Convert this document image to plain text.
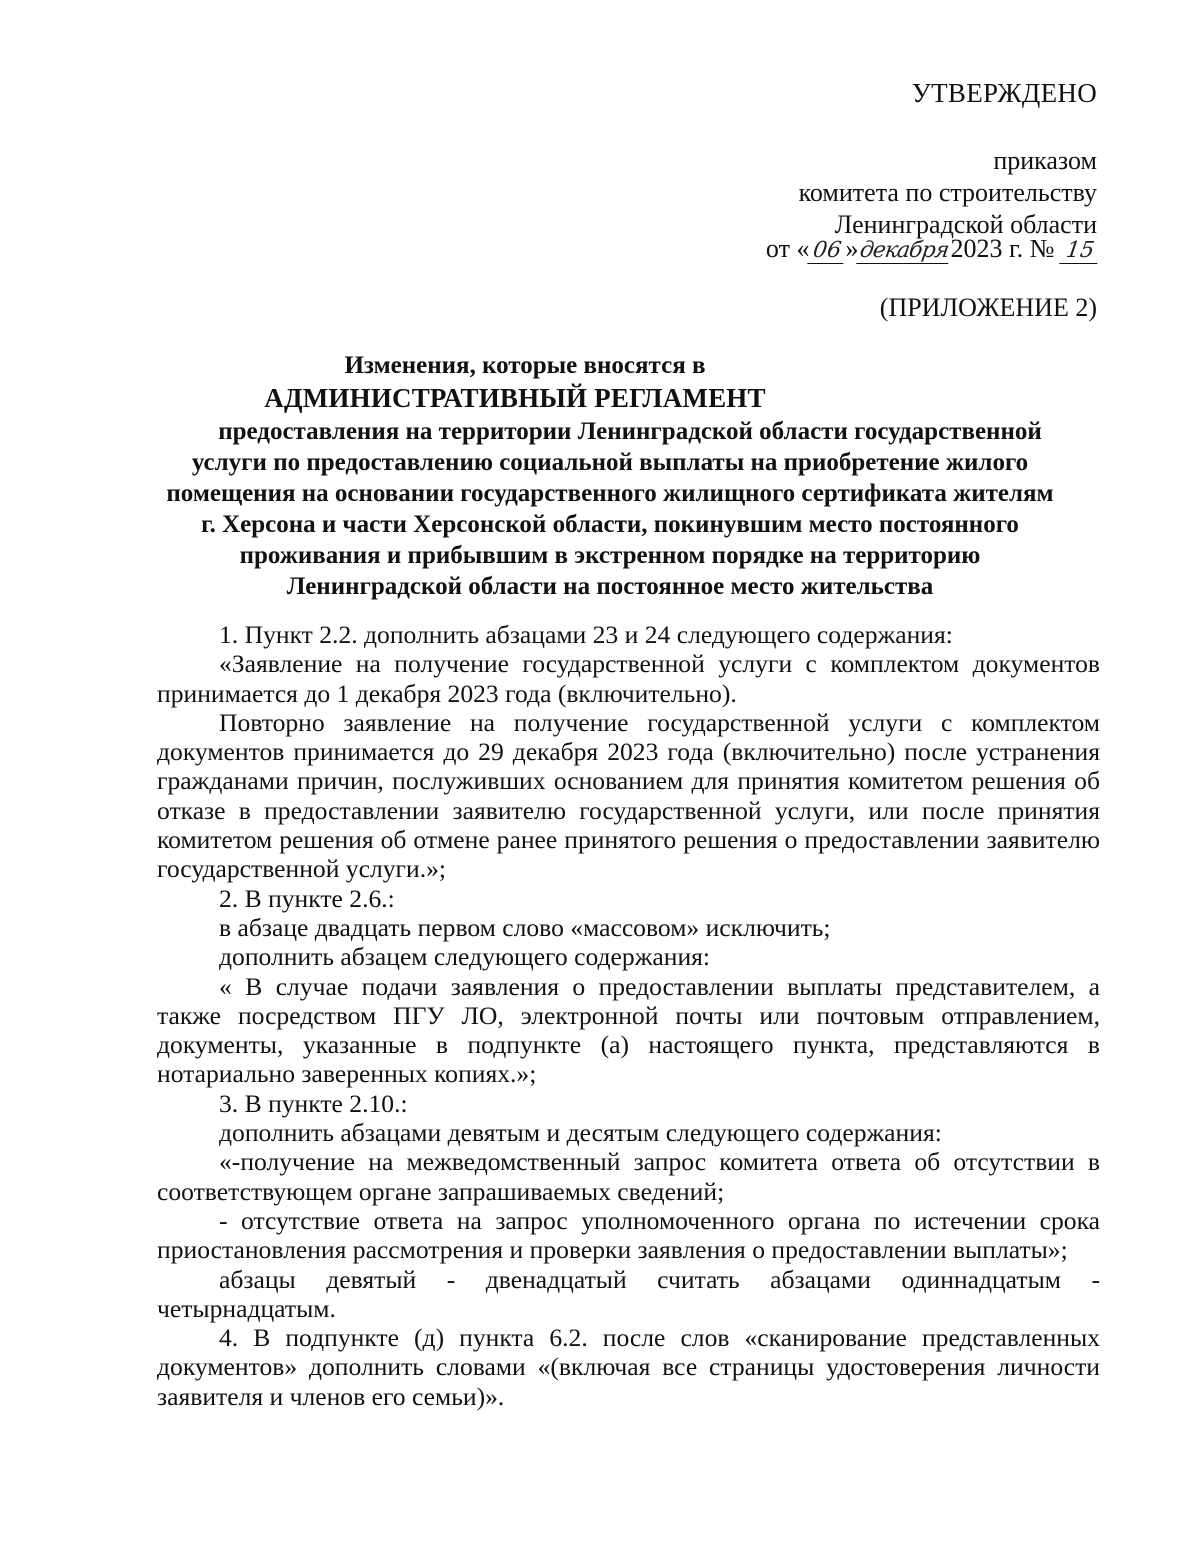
УТВЕРЖДЕНО
приказом
комитета по строительству
Ленинградской области
от « 06»декабря2023 г. № 15
(ПРИЛОЖЕНИЕ 2)
Изменения, которые вносятся в
АДМИНИСТРАТИВНЫЙ РЕГЛАМЕНТ
предоставления на территории Ленинградской области государственной
услуги по предоставлению социальной выплаты на приобретение жилого
помещения на основании государственного жилищного сертификата жителям
г. Херсона и части Херсонской области, покинувшим место постоянного
проживания и прибывшим в экстренном порядке на территорию
Ленинградской области на постоянное место жительства

1. Пункт 2.2. дополнить абзацами 23 и 24 следующего содержания:

«Заявление на получение государственной услуги с комплектом документов принимается до 1 декабря 2023 года (включительно).

Повторно заявление на получение государственной услуги с комплектом документов принимается до 29 декабря 2023 года (включительно) после устранения гражданами причин, послуживших основанием для принятия комитетом решения об отказе в предоставлении заявителю государственной услуги, или после принятия комитетом решения об отмене ранее принятого решения о предоставлении заявителю государственной услуги.»;

2. В пункте 2.6.:

в абзаце двадцать первом слово «массовом» исключить;

дополнить абзацем следующего содержания:

« В случае подачи заявления о предоставлении выплаты представителем, а также посредством ПГУ ЛО, электронной почты или почтовым отправлением, документы, указанные в подпункте (а) настоящего пункта, представляются в нотариально заверенных копиях.»;

3. В пункте 2.10.:

дополнить абзацами девятым и десятым следующего содержания:

«-получение на межведомственный запрос комитета ответа об отсутствии в соответствующем органе запрашиваемых сведений;

- отсутствие ответа на запрос уполномоченного органа по истечении срока приостановления рассмотрения и проверки заявления о предоставлении выплаты»;

абзацы девятый - двенадцатый считать абзацами одиннадцатым - четырнадцатым.

4. В подпункте (д) пункта 6.2. после слов «сканирование представленных документов» дополнить словами «(включая все страницы удостоверения личности заявителя и членов его семьи)».
